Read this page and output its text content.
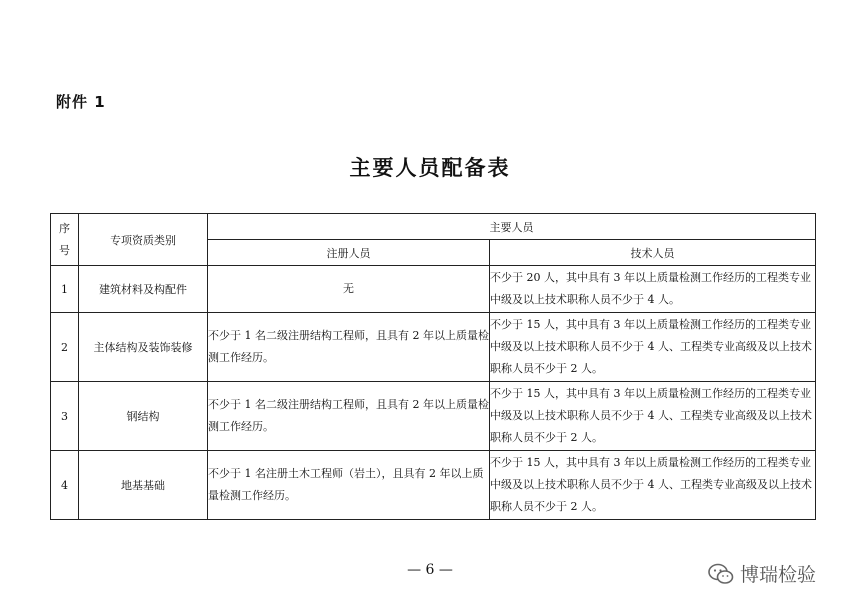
附件 1
主要人员配备表
序号	专项资质类别	主要人员	
		注册人员	技术人员
1	建筑材料及构配件	无	不少于 20 人，其中具有 3 年以上质量检测工作经历的工程类专业中级及以上技术职称人员不少于 4 人。
2	主体结构及装饰装修	不少于 1 名二级注册结构工程师，且具有 2 年以上质量检测工作经历。	不少于 15 人，其中具有 3 年以上质量检测工作经历的工程类专业中级及以上技术职称人员不少于 4 人、工程类专业高级及以上技术职称人员不少于 2 人。
3	钢结构	不少于 1 名二级注册结构工程师，且具有 2 年以上质量检测工作经历。	不少于 15 人，其中具有 3 年以上质量检测工作经历的工程类专业中级及以上技术职称人员不少于 4 人、工程类专业高级及以上技术职称人员不少于 2 人。
4	地基基础	不少于 1 名注册土木工程师（岩土），且具有 2 年以上质量检测工作经历。	不少于 15 人，其中具有 3 年以上质量检测工作经历的工程类专业中级及以上技术职称人员不少于 4 人、工程类专业高级及以上技术职称人员不少于 2 人。
— 6 —	博瑞检验
